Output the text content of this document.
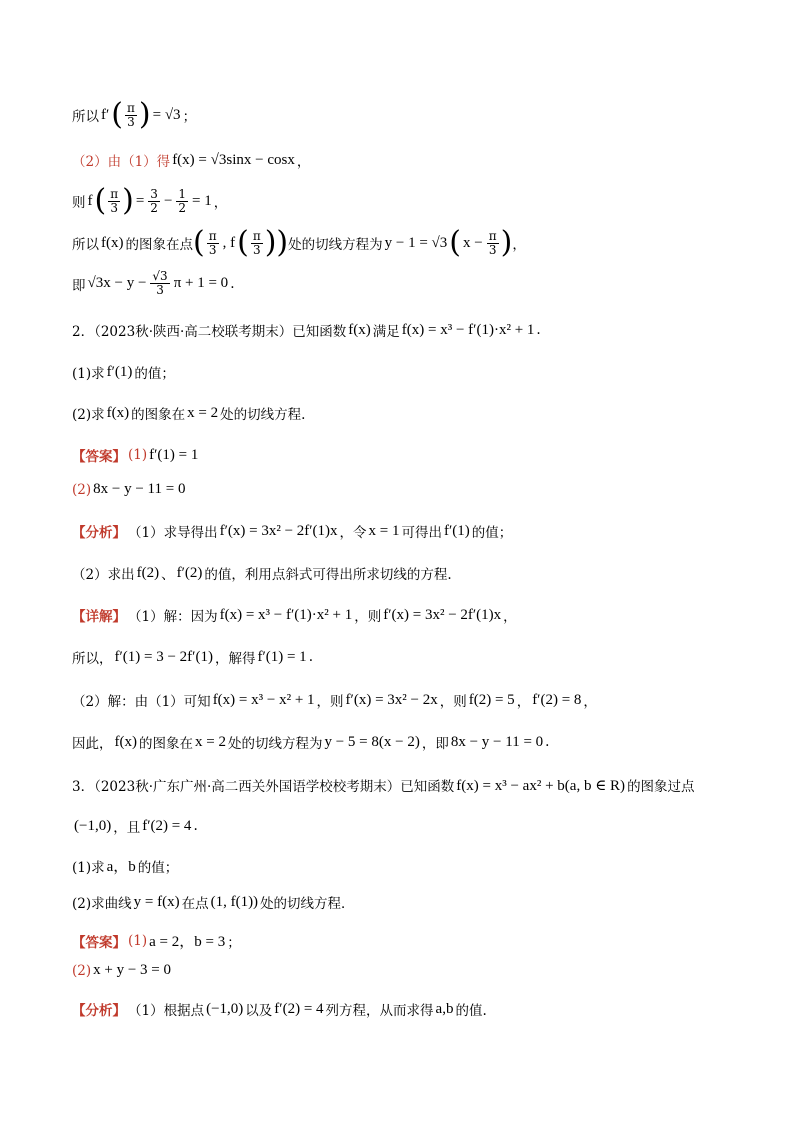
所以 f′ ( $\frac{\pi}{3}$ ) = √3 ；
（2）由（1）得 f(x) = √3sinx − cosx ，
则 f ( $\frac{\pi}{3}$ ) = $\frac{3}{2} - \frac{1}{2} = 1$ ，
所以 f(x) 的图象在点 ( $\frac{\pi}{3}$ , f ( $\frac{\pi}{3}$ )) 处的切线方程为 y − 1 = √3 ( $x - \frac{\pi}{3}$ ) ，
即 $√3x - y - \frac{√3}{3}$ π + 1 = 0 .
2．（2023秋·陕西·高二校联考期末）已知函数 f(x) 满足 f(x) = x³ − f′(1)·x² + 1 .
(1)求 f′(1) 的值；
(2)求 f(x) 的图象在 x = 2 处的切线方程.
【答案】 (1) f′(1) = 1
(2) 8x − y − 11 = 0
【分析】 （1）求导得出 f′(x) = 3x² − 2f′(1)x ，令 x = 1 可得出 f′(1) 的值；
（2）求出 f(2) 、 f′(2) 的值，利用点斜式可得出所求切线的方程.
【详解】 （1）解：因为 f(x) = x³ − f′(1)·x² + 1 ，则 f′(x) = 3x² − 2f′(1)x ，
所以， f′(1) = 3 − 2f′(1) ，解得 f′(1) = 1 .
（2）解：由（1）可知 f(x) = x³ − x² + 1 ，则 f′(x) = 3x² − 2x ，则 f(2) = 5 ， f′(2) = 8 ，
因此， f(x) 的图象在 x = 2 处的切线方程为 y − 5 = 8(x − 2) ，即 8x − y − 11 = 0 .
3．（2023秋·广东广州·高二西关外国语学校校考期末）已知函数 f(x) = x³ − ax² + b(a, b ∈ R) 的图象过点
(−1,0) ，且 f′(2) = 4 .
(1)求 a，b 的值；
(2)求曲线 y = f(x) 在点 (1, f(1)) 处的切线方程．
【答案】 (1) a = 2，b = 3 ；
(2) x + y − 3 = 0
【分析】 （1）根据点 (−1,0) 以及 f′(2) = 4 列方程，从而求得 a,b 的值.
